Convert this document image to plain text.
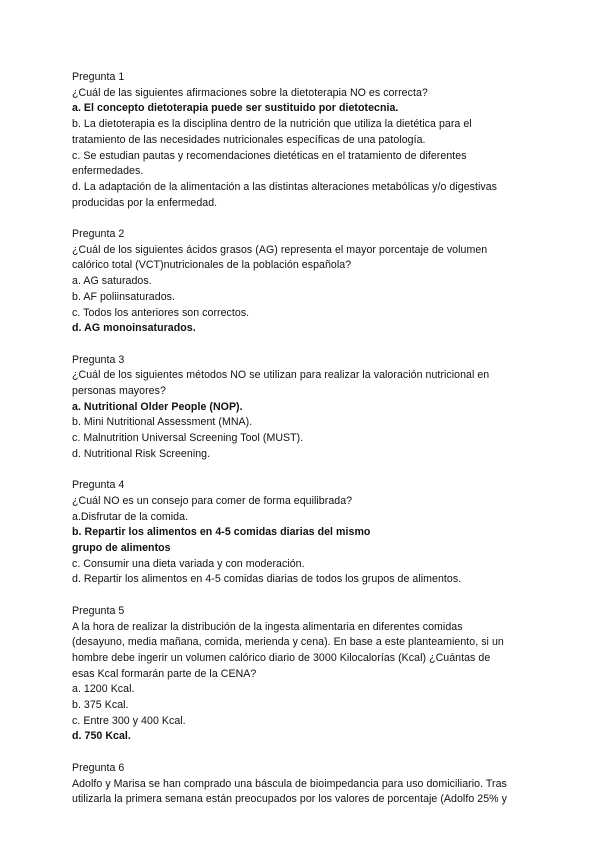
Pregunta 1
¿Cuál de las siguientes afirmaciones sobre la dietoterapia NO es correcta?
a. El concepto dietoterapia puede ser sustituido por dietotecnia.
b. La dietoterapia es la disciplina dentro de la nutrición que utiliza la dietética para el
tratamiento de las necesidades nutricionales específicas de una patología.
c. Se estudian pautas y recomendaciones dietéticas en el tratamiento de diferentes
enfermedades.
d. La adaptación de la alimentación a las distintas alteraciones metabólicas y/o digestivas
producidas por la enfermedad.
Pregunta 2
¿Cuál de los siguientes ácidos grasos (AG) representa el mayor porcentaje de volumen
calórico total (VCT)nutricionales de la población española?
a. AG saturados.
b. AF poliinsaturados.
c. Todos los anteriores son correctos.
d. AG monoinsaturados.
Pregunta 3
¿Cuál de los siguientes métodos NO se utilizan para realizar la valoración nutricional en
personas mayores?
a. Nutritional Older People (NOP).
b. Mini Nutritional Assessment (MNA).
c. Malnutrition Universal Screening Tool (MUST).
d. Nutritional Risk Screening.
Pregunta 4
¿Cuál NO es un consejo para comer de forma equilibrada?
a.Disfrutar de la comida.
b. Repartir los alimentos en 4-5 comidas diarias del mismo
grupo de alimentos
c. Consumir una dieta variada y con moderación.
d. Repartir los alimentos en 4-5 comidas diarias de todos los grupos de alimentos.
Pregunta 5
A la hora de realizar la distribución de la ingesta alimentaria en diferentes comidas
(desayuno, media mañana, comida, merienda y cena). En base a este planteamiento, si un
hombre debe ingerir un volumen calórico diario de 3000 Kilocalorías (Kcal) ¿Cuántas de
esas Kcal formarán parte de la CENA?
a. 1200 Kcal.
b. 375 Kcal.
c. Entre 300 y 400 Kcal.
d. 750 Kcal.
Pregunta 6
Adolfo y Marisa se han comprado una báscula de bioimpedancia para uso domiciliario. Tras
utilizarla la primera semana están preocupados por los valores de porcentaje (Adolfo 25% y
